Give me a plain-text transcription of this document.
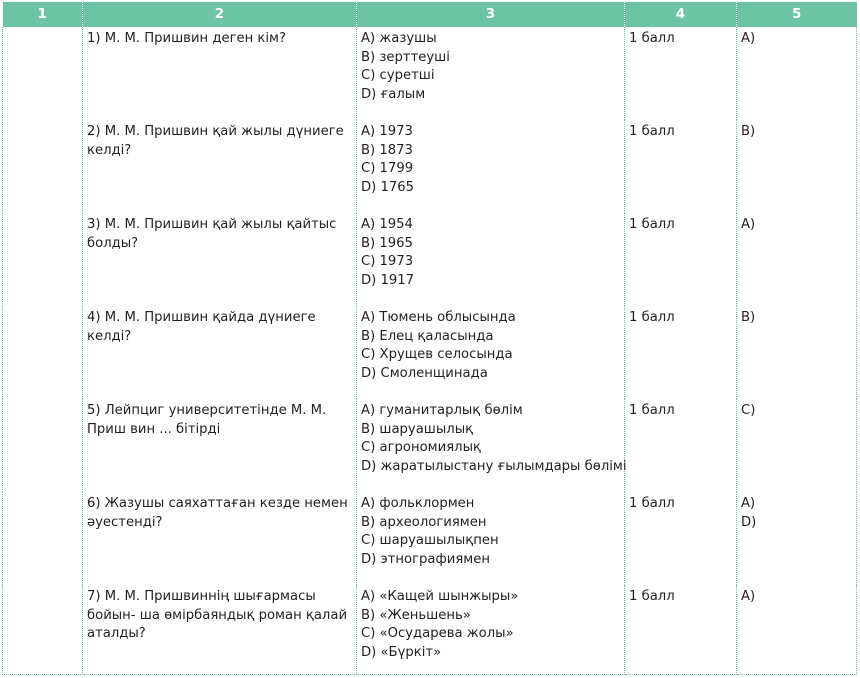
1	2	3	4	5
	1) М. М. Пришвин деген кім?	А) жазушы
В) зерттеуші
С) суретші
D) ғалым	1 балл	А)

	2) М. М. Пришвин қай жылы дүниеге келді?	А) 1973
В) 1873
С) 1799
D) 1765	1 балл	В)

	3) М. М. Пришвин қай жылы қайтыс болды?	А) 1954
В) 1965
С) 1973
D) 1917	1 балл	А)

	4) М. М. Пришвин қайда дүниеге келді?	А) Тюмень облысында
В) Елец қаласында
С) Хрущев селосында
D) Смоленщинада	1 балл	В)

	5) Лейпциг университетінде М. М. Приш вин ... бітірді	А) гуманитарлық бөлім
В) шаруашылық
С) агрономиялық
D) жаратылыстану ғылымдары бөлімі	1 балл	С)

	6) Жазушы саяхаттаған кезде немен әуестенді?	А) фольклормен
В) археологиямен
С) шаруашылықпен
D) этнографиямен	1 балл	А)
D)

	7) М. М. Пришвиннің шығармасы бойын- ша өмірбаяндық роман қалай аталды?	А) «Кащей шынжыры»
В) «Женьшень»
С) «Осударева жолы»
D) «Бүркіт»	1 балл	А)
